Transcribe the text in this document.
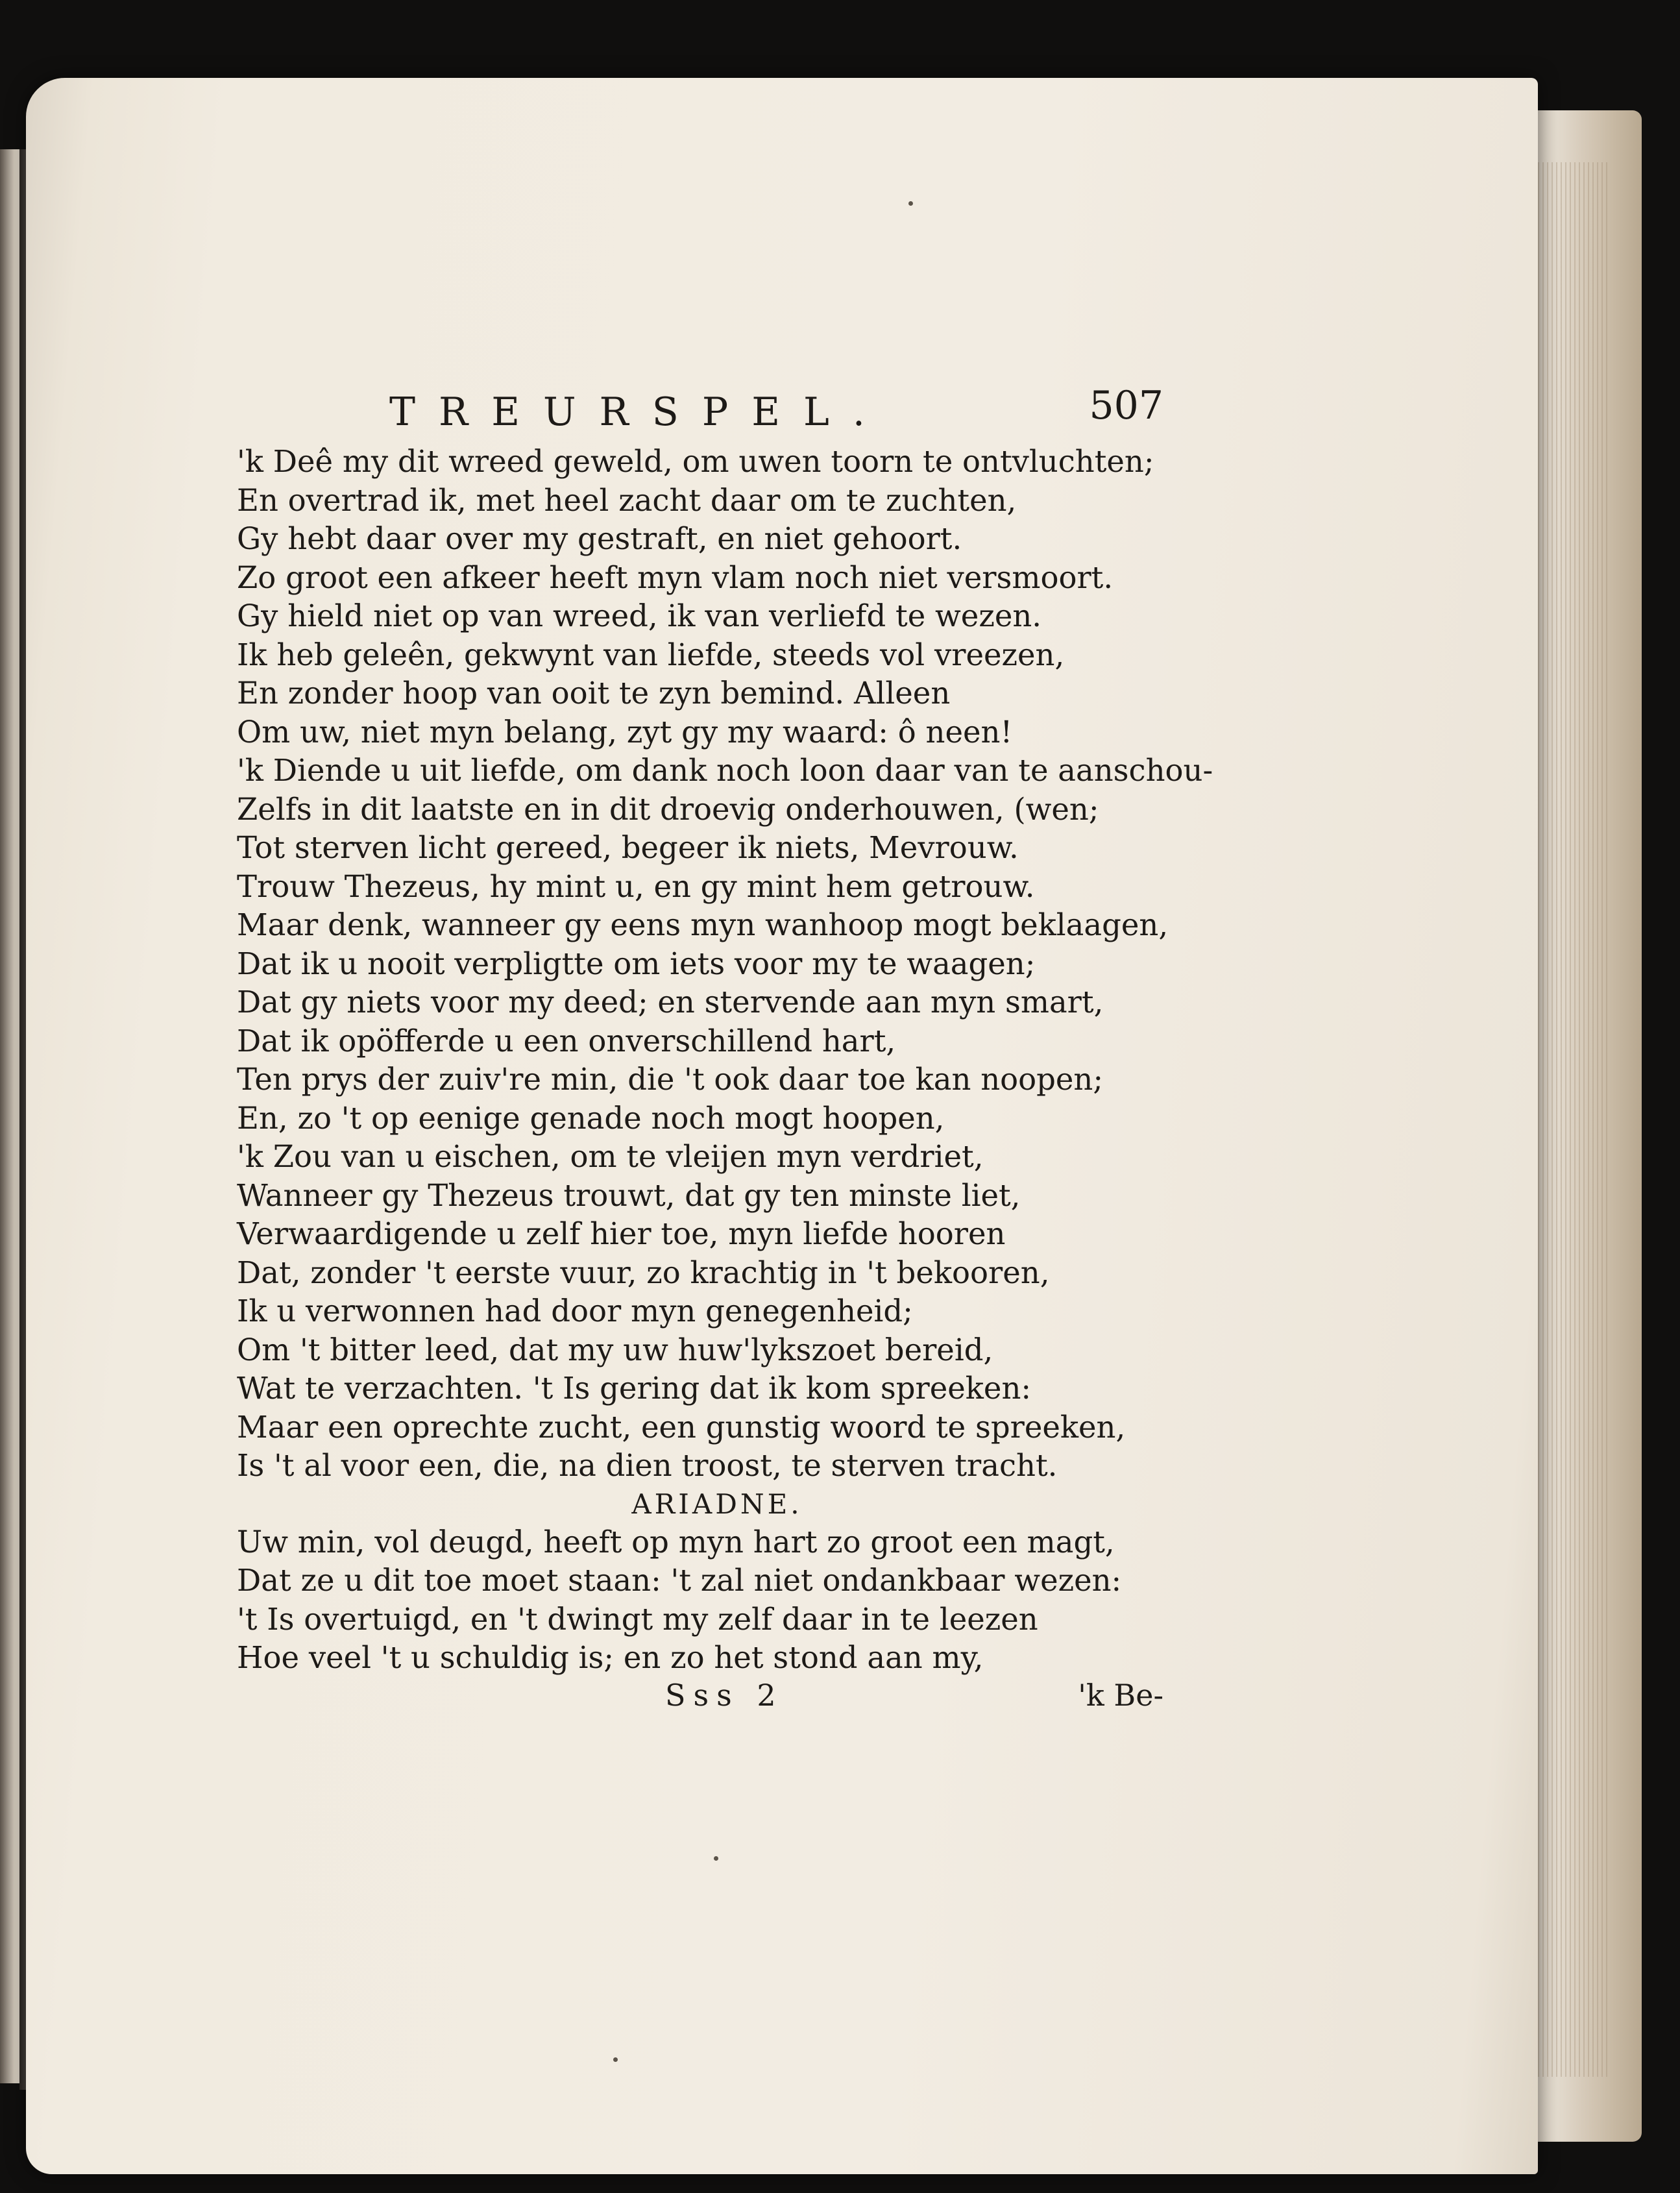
TREURSPEL.	507
'k Deê my dit wreed geweld, om uwen toorn te ontvluchten;
En overtrad ik, met heel zacht daar om te zuchten,
Gy hebt daar over my gestraft, en niet gehoort.
Zo groot een afkeer heeft myn vlam noch niet versmoort.
Gy hield niet op van wreed, ik van verliefd te wezen.
Ik heb geleên, gekwynt van liefde, steeds vol vreezen,
En zonder hoop van ooit te zyn bemind. Alleen
Om uw, niet myn belang, zyt gy my waard: ô neen!
'k Diende u uit liefde, om dank noch loon daar van te aanschou-
Zelfs in dit laatste en in dit droevig onderhouwen, (wen;
Tot sterven licht gereed, begeer ik niets, Mevrouw.
Trouw Thezeus, hy mint u, en gy mint hem getrouw.
Maar denk, wanneer gy eens myn wanhoop mogt beklaagen,
Dat ik u nooit verpligtte om iets voor my te waagen;
Dat gy niets voor my deed; en stervende aan myn smart,
Dat ik opöfferde u een onverschillend hart,
Ten prys der zuiv're min, die 't ook daar toe kan noopen;
En, zo 't op eenige genade noch mogt hoopen,
'k Zou van u eischen, om te vleijen myn verdriet,
Wanneer gy Thezeus trouwt, dat gy ten minste liet,
Verwaardigende u zelf hier toe, myn liefde hooren
Dat, zonder 't eerste vuur, zo krachtig in 't bekooren,
Ik u verwonnen had door myn genegenheid;
Om 't bitter leed, dat my uw huw'lykszoet bereid,
Wat te verzachten. 't Is gering dat ik kom spreeken:
Maar een oprechte zucht, een gunstig woord te spreeken,
Is 't al voor een, die, na dien troost, te sterven tracht.
ARIADNE.
Uw min, vol deugd, heeft op myn hart zo groot een magt,
Dat ze u dit toe moet staan: 't zal niet ondankbaar wezen:
't Is overtuigd, en 't dwingt my zelf daar in te leezen
Hoe veel 't u schuldig is; en zo het stond aan my,
Sss 2	'k Be-
